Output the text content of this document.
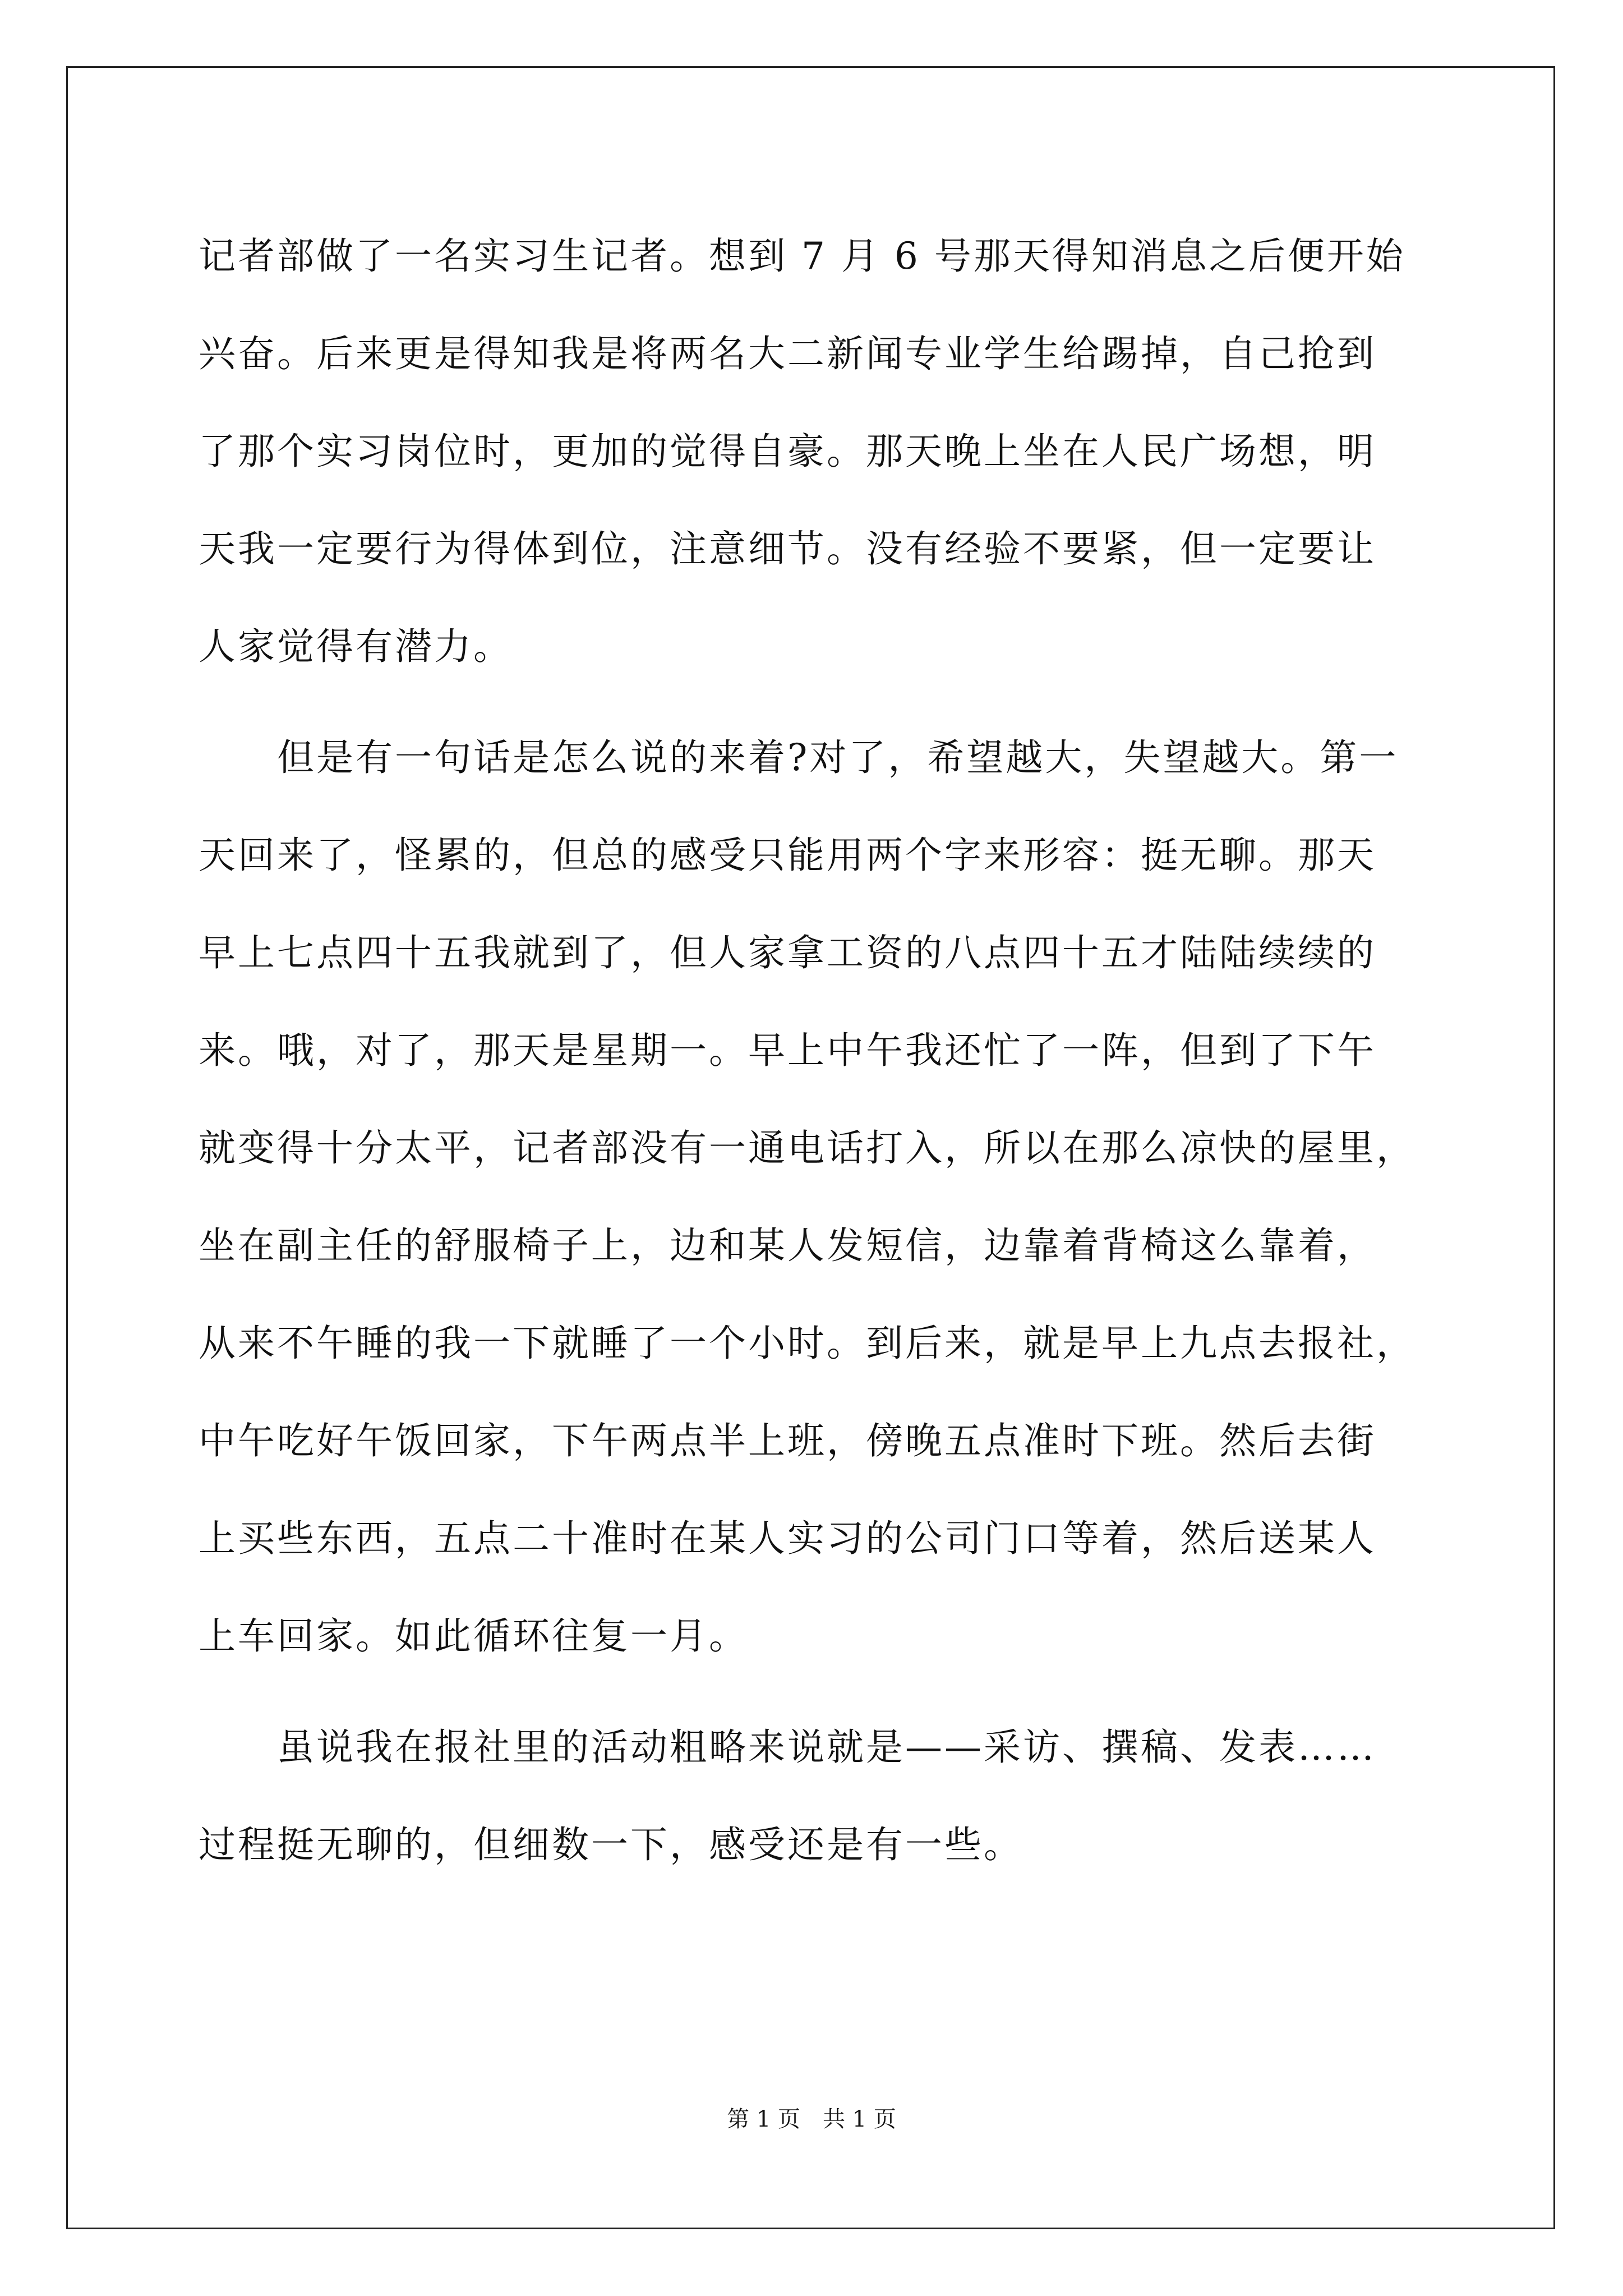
记者部做了一名实习生记者。想到 7 月 6 号那天得知消息之后便开始
兴奋。后来更是得知我是将两名大二新闻专业学生给踢掉，自己抢到
了那个实习岗位时，更加的觉得自豪。那天晚上坐在人民广场想，明
天我一定要行为得体到位，注意细节。没有经验不要紧，但一定要让
人家觉得有潜力。
　　但是有一句话是怎么说的来着?对了，希望越大，失望越大。第一
天回来了，怪累的，但总的感受只能用两个字来形容：挺无聊。那天
早上七点四十五我就到了，但人家拿工资的八点四十五才陆陆续续的
来。哦，对了，那天是星期一。早上中午我还忙了一阵，但到了下午
就变得十分太平，记者部没有一通电话打入，所以在那么凉快的屋里，
坐在副主任的舒服椅子上，边和某人发短信，边靠着背椅这么靠着，
从来不午睡的我一下就睡了一个小时。到后来，就是早上九点去报社，
中午吃好午饭回家，下午两点半上班，傍晚五点准时下班。然后去街
上买些东西，五点二十准时在某人实习的公司门口等着，然后送某人
上车回家。如此循环往复一月。
　　虽说我在报社里的活动粗略来说就是——采访、撰稿、发表……
过程挺无聊的，但细数一下，感受还是有一些。
第 1 页　共 1 页
